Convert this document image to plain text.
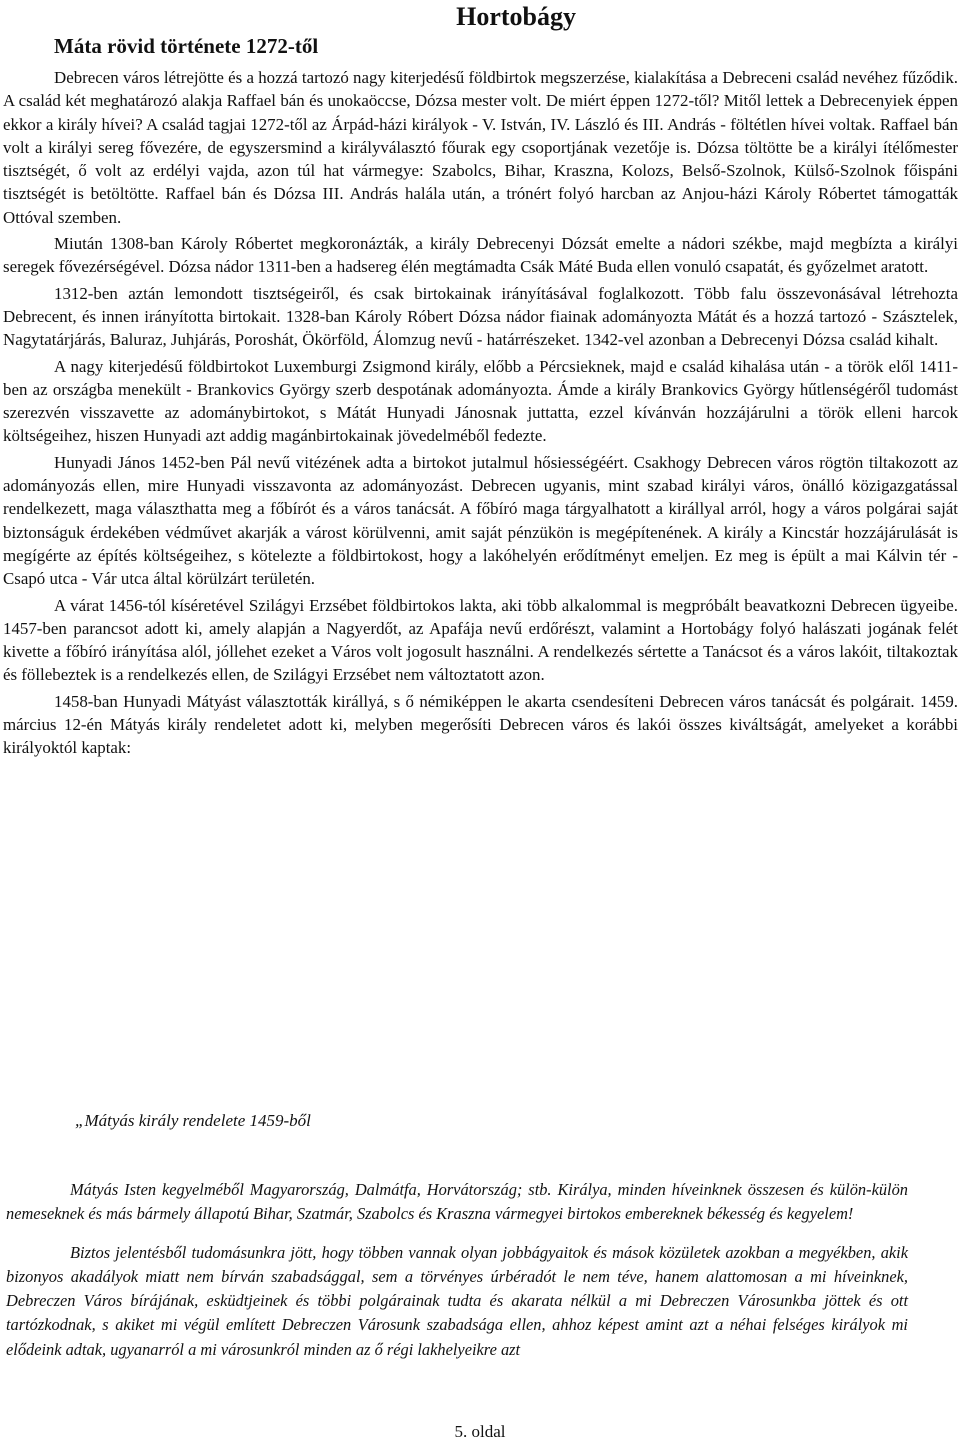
Hortobágy
Máta rövid története 1272-től

Debrecen város létrejötte és a hozzá tartozó nagy kiterjedésű földbirtok megszerzése, kialakítása a Debreceni család nevéhez fűződik. A család két meghatározó alakja Raffael bán és unokaöccse, Dózsa mester volt. De miért éppen 1272-től? Mitől lettek a Debrecenyiek éppen ekkor a király hívei? A család tagjai 1272-től az Árpád-házi királyok - V. István, IV. László és III. András - föltétlen hívei voltak. Raffael bán volt a királyi sereg fővezére, de egyszersmind a királyválasztó főurak egy csoportjának vezetője is. Dózsa töltötte be a királyi ítélőmester tisztségét, ő volt az erdélyi vajda, azon túl hat vármegye: Szabolcs, Bihar, Kraszna, Kolozs, Belső-Szolnok, Külső-Szolnok főispáni tisztségét is betöltötte. Raffael bán és Dózsa III. András halála után, a trónért folyó harcban az Anjou-házi Károly Róbertet támogatták Ottóval szemben.

Miután 1308-ban Károly Róbertet megkoronázták, a király Debrecenyi Dózsát emelte a nádori székbe, majd megbízta a királyi seregek fővezérségével. Dózsa nádor 1311-ben a hadsereg élén megtámadta Csák Máté Buda ellen vonuló csapatát, és győzelmet aratott.

1312-ben aztán lemondott tisztségeiről, és csak birtokainak irányításával foglalkozott. Több falu összevonásával létrehozta Debrecent, és innen irányította birtokait. 1328-ban Károly Róbert Dózsa nádor fiainak adományozta Mátát és a hozzá tartozó - Szásztelek, Nagytatárjárás, Baluraz, Juhjárás, Poroshát, Ökörföld, Álomzug nevű - határrészeket. 1342-vel azonban a Debrecenyi Dózsa család kihalt.

A nagy kiterjedésű földbirtokot Luxemburgi Zsigmond király, előbb a Pércsieknek, majd e család kihalása után - a török elől 1411-ben az országba menekült - Brankovics György szerb despotának adományozta. Ámde a király Brankovics György hűtlenségéről tudomást szerezvén visszavette az adománybirtokot, s Mátát Hunyadi Jánosnak juttatta, ezzel kívánván hozzájárulni a török elleni harcok költségeihez, hiszen Hunyadi azt addig magánbirtokainak jövedelméből fedezte.

Hunyadi János 1452-ben Pál nevű vitézének adta a birtokot jutalmul hősiességéért. Csakhogy Debrecen város rögtön tiltakozott az adományozás ellen, mire Hunyadi visszavonta az adományozást. Debrecen ugyanis, mint szabad királyi város, önálló közigazgatással rendelkezett, maga választhatta meg a főbírót és a város tanácsát. A főbíró maga tárgyalhatott a királlyal arról, hogy a város polgárai saját biztonságuk érdekében védművet akarják a várost körülvenni, amit saját pénzükön is megépítenének. A király a Kincstár hozzájárulását is megígérte az építés költségeihez, s kötelezte a földbirtokost, hogy a lakóhelyén erődítményt emeljen. Ez meg is épült a mai Kálvin tér - Csapó utca - Vár utca által körülzárt területén.

A várat 1456-tól kíséretével Szilágyi Erzsébet földbirtokos lakta, aki több alkalommal is megpróbált beavatkozni Debrecen ügyeibe. 1457-ben parancsot adott ki, amely alapján a Nagyerdőt, az Apafája nevű erdőrészt, valamint a Hortobágy folyó halászati jogának felét kivette a főbíró irányítása alól, jóllehet ezeket a Város volt jogosult használni. A rendelkezés sértette a Tanácsot és a város lakóit, tiltakoztak és föllebeztek is a rendelkezés ellen, de Szilágyi Erzsébet nem változtatott azon.

1458-ban Hunyadi Mátyást választották királlyá, s ő némiképpen le akarta csendesíteni Debrecen város tanácsát és polgárait. 1459. március 12-én Mátyás király rendeletet adott ki, melyben megerősíti Debrecen város és lakói összes kiváltságát, amelyeket a korábbi királyoktól kaptak:

„Mátyás király rendelete 1459-ből

Mátyás Isten kegyelméből Magyarország, Dalmátfa, Horvátország; stb. Királya, minden híveinknek összesen és külön-külön nemeseknek és más bármely állapotú Bihar, Szatmár, Szabolcs és Kraszna vármegyei birtokos embereknek békesség és kegyelem!

Biztos jelentésből tudomásunkra jött, hogy többen vannak olyan jobbágyaitok és mások közületek azokban a megyékben, akik bizonyos akadályok miatt nem bírván szabadsággal, sem a törvényes úrbéradót le nem téve, hanem alattomosan a mi híveinknek, Debreczen Város bírájának, esküdtjeinek és többi polgárainak tudta és akarata nélkül a mi Debreczen Városunkba jöttek és ott tartózkodnak, s akiket mi végül említett Debreczen Városunk szabadsága ellen, ahhoz képest amint azt a néhai felséges királyok mi elődeink adtak, ugyanarról a mi városunkról minden az ő régi lakhelyeikre azt

5. oldal
